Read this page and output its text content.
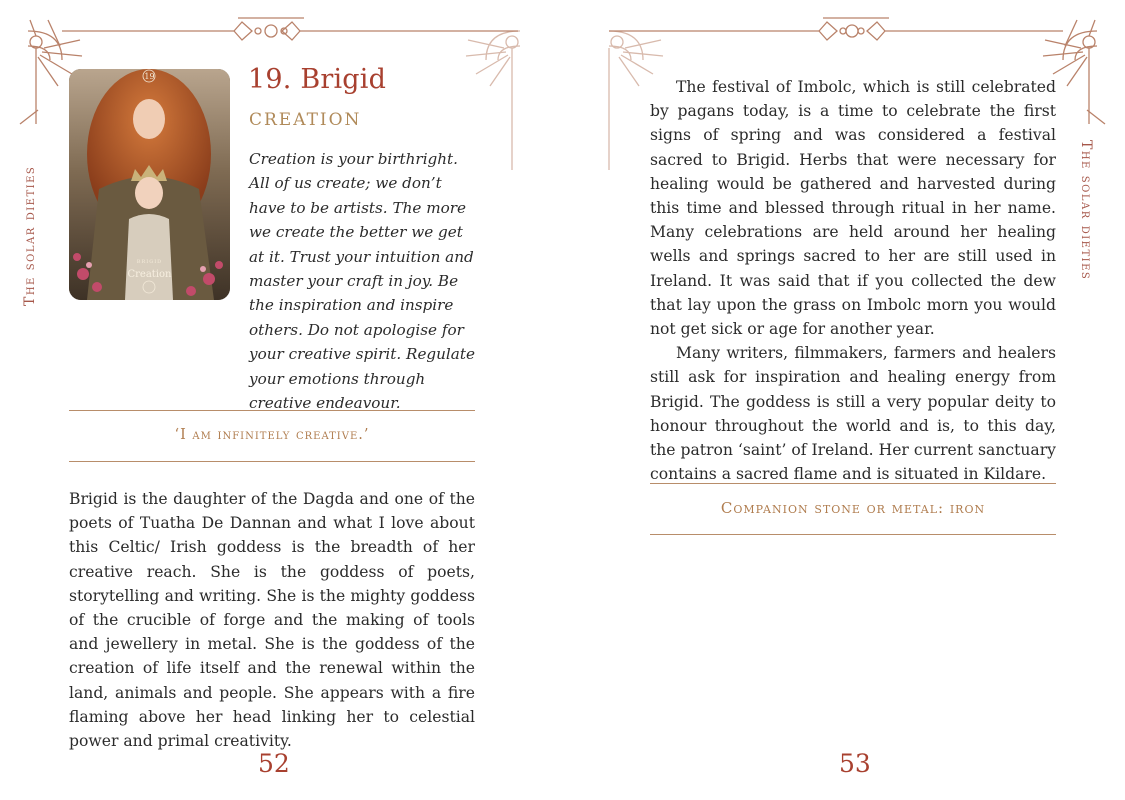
The solar dieties
19
BRIGID
Creation
19. Brigid
CREATION

Creation is your birthright. All of us create; we don’t have to be artists. The more we create the better we get at it. Trust your intuition and master your craft in joy. Be the inspiration and inspire others. Do not apologise for your creative spirit. Regulate your emotions through creative endeavour.

‘I am infinitely creative.’

Brigid is the daughter of the Dagda and one of the poets of Tuatha De Dannan and what I love about this Celtic/ Irish goddess is the breadth of her creative reach. She is the goddess of poets, storytelling and writing. She is the mighty goddess of the crucible of forge and the making of tools and jewellery in metal. She is the goddess of the creation of life itself and the renewal within the land, animals and people. She appears with a fire flaming above her head linking her to celestial power and primal creativity.

52
The solar dieties

The festival of Imbolc, which is still celebrated by pagans today, is a time to celebrate the first signs of spring and was considered a festival sacred to Brigid. Herbs that were necessary for healing would be gathered and harvested during this time and blessed through ritual in her name. Many celebrations are held around her healing wells and springs sacred to her are still used in Ireland. It was said that if you collected the dew that lay upon the grass on Imbolc morn you would not get sick or age for another year.

Many writers, filmmakers, farmers and healers still ask for inspiration and healing energy from Brigid. The goddess is still a very popular deity to honour throughout the world and is, to this day, the patron ‘saint’ of Ireland. Her current sanctuary contains a sacred flame and is situated in Kildare.

Companion stone or metal: iron
53
